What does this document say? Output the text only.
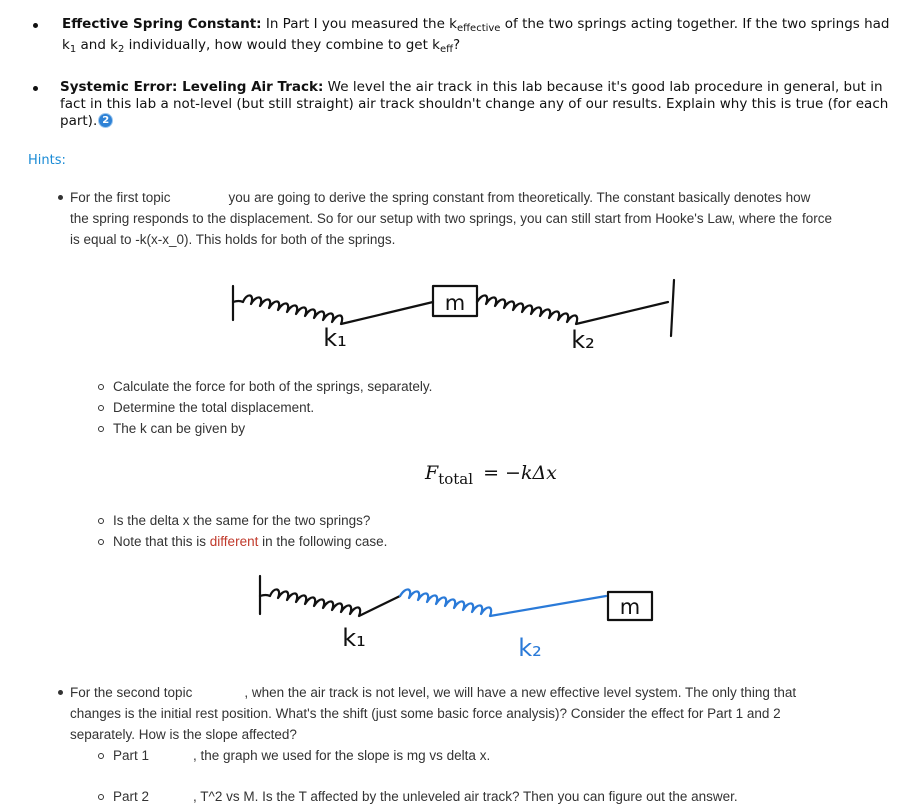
Effective Spring Constant: In Part I you measured the $k_{effective}$ of the two springs acting together. If the two springs had
$k_1$ and $k_2$ individually, how would they combine to get $k_{eff}$?
Systemic Error: Leveling Air Track: We level the air track in this lab because it's good lab procedure in general, but in
fact in this lab a not-level (but still straight) air track shouldn't change any of our results. Explain why this is true (for each
part). 2
Hints:
For the first topic	you are going to derive the spring constant from theoretically. The constant basically denotes how
the spring responds to the displacement. So for our setup with two springs, you can still start from Hooke's Law, where the force
is equal to -k(x-x_0). This holds for both of the springs.
m
k₁	k₂
Calculate the force for both of the springs, separately.
Determine the total displacement.
The k can be given by
$F_{total} = -k\Delta x$
Is the delta x the same for the two springs?
Note that this is different in the following case.
m
k₁	k₂
For the second topic	, when the air track is not level, we will have a new effective level system. The only thing that
changes is the initial rest position. What's the shift (just some basic force analysis)? Consider the effect for Part 1 and 2
separately. How is the slope affected?
Part 1	, the graph we used for the slope is mg vs delta x.
Part 2	, T^2 vs M. Is the T affected by the unleveled air track? Then you can figure out the answer.
